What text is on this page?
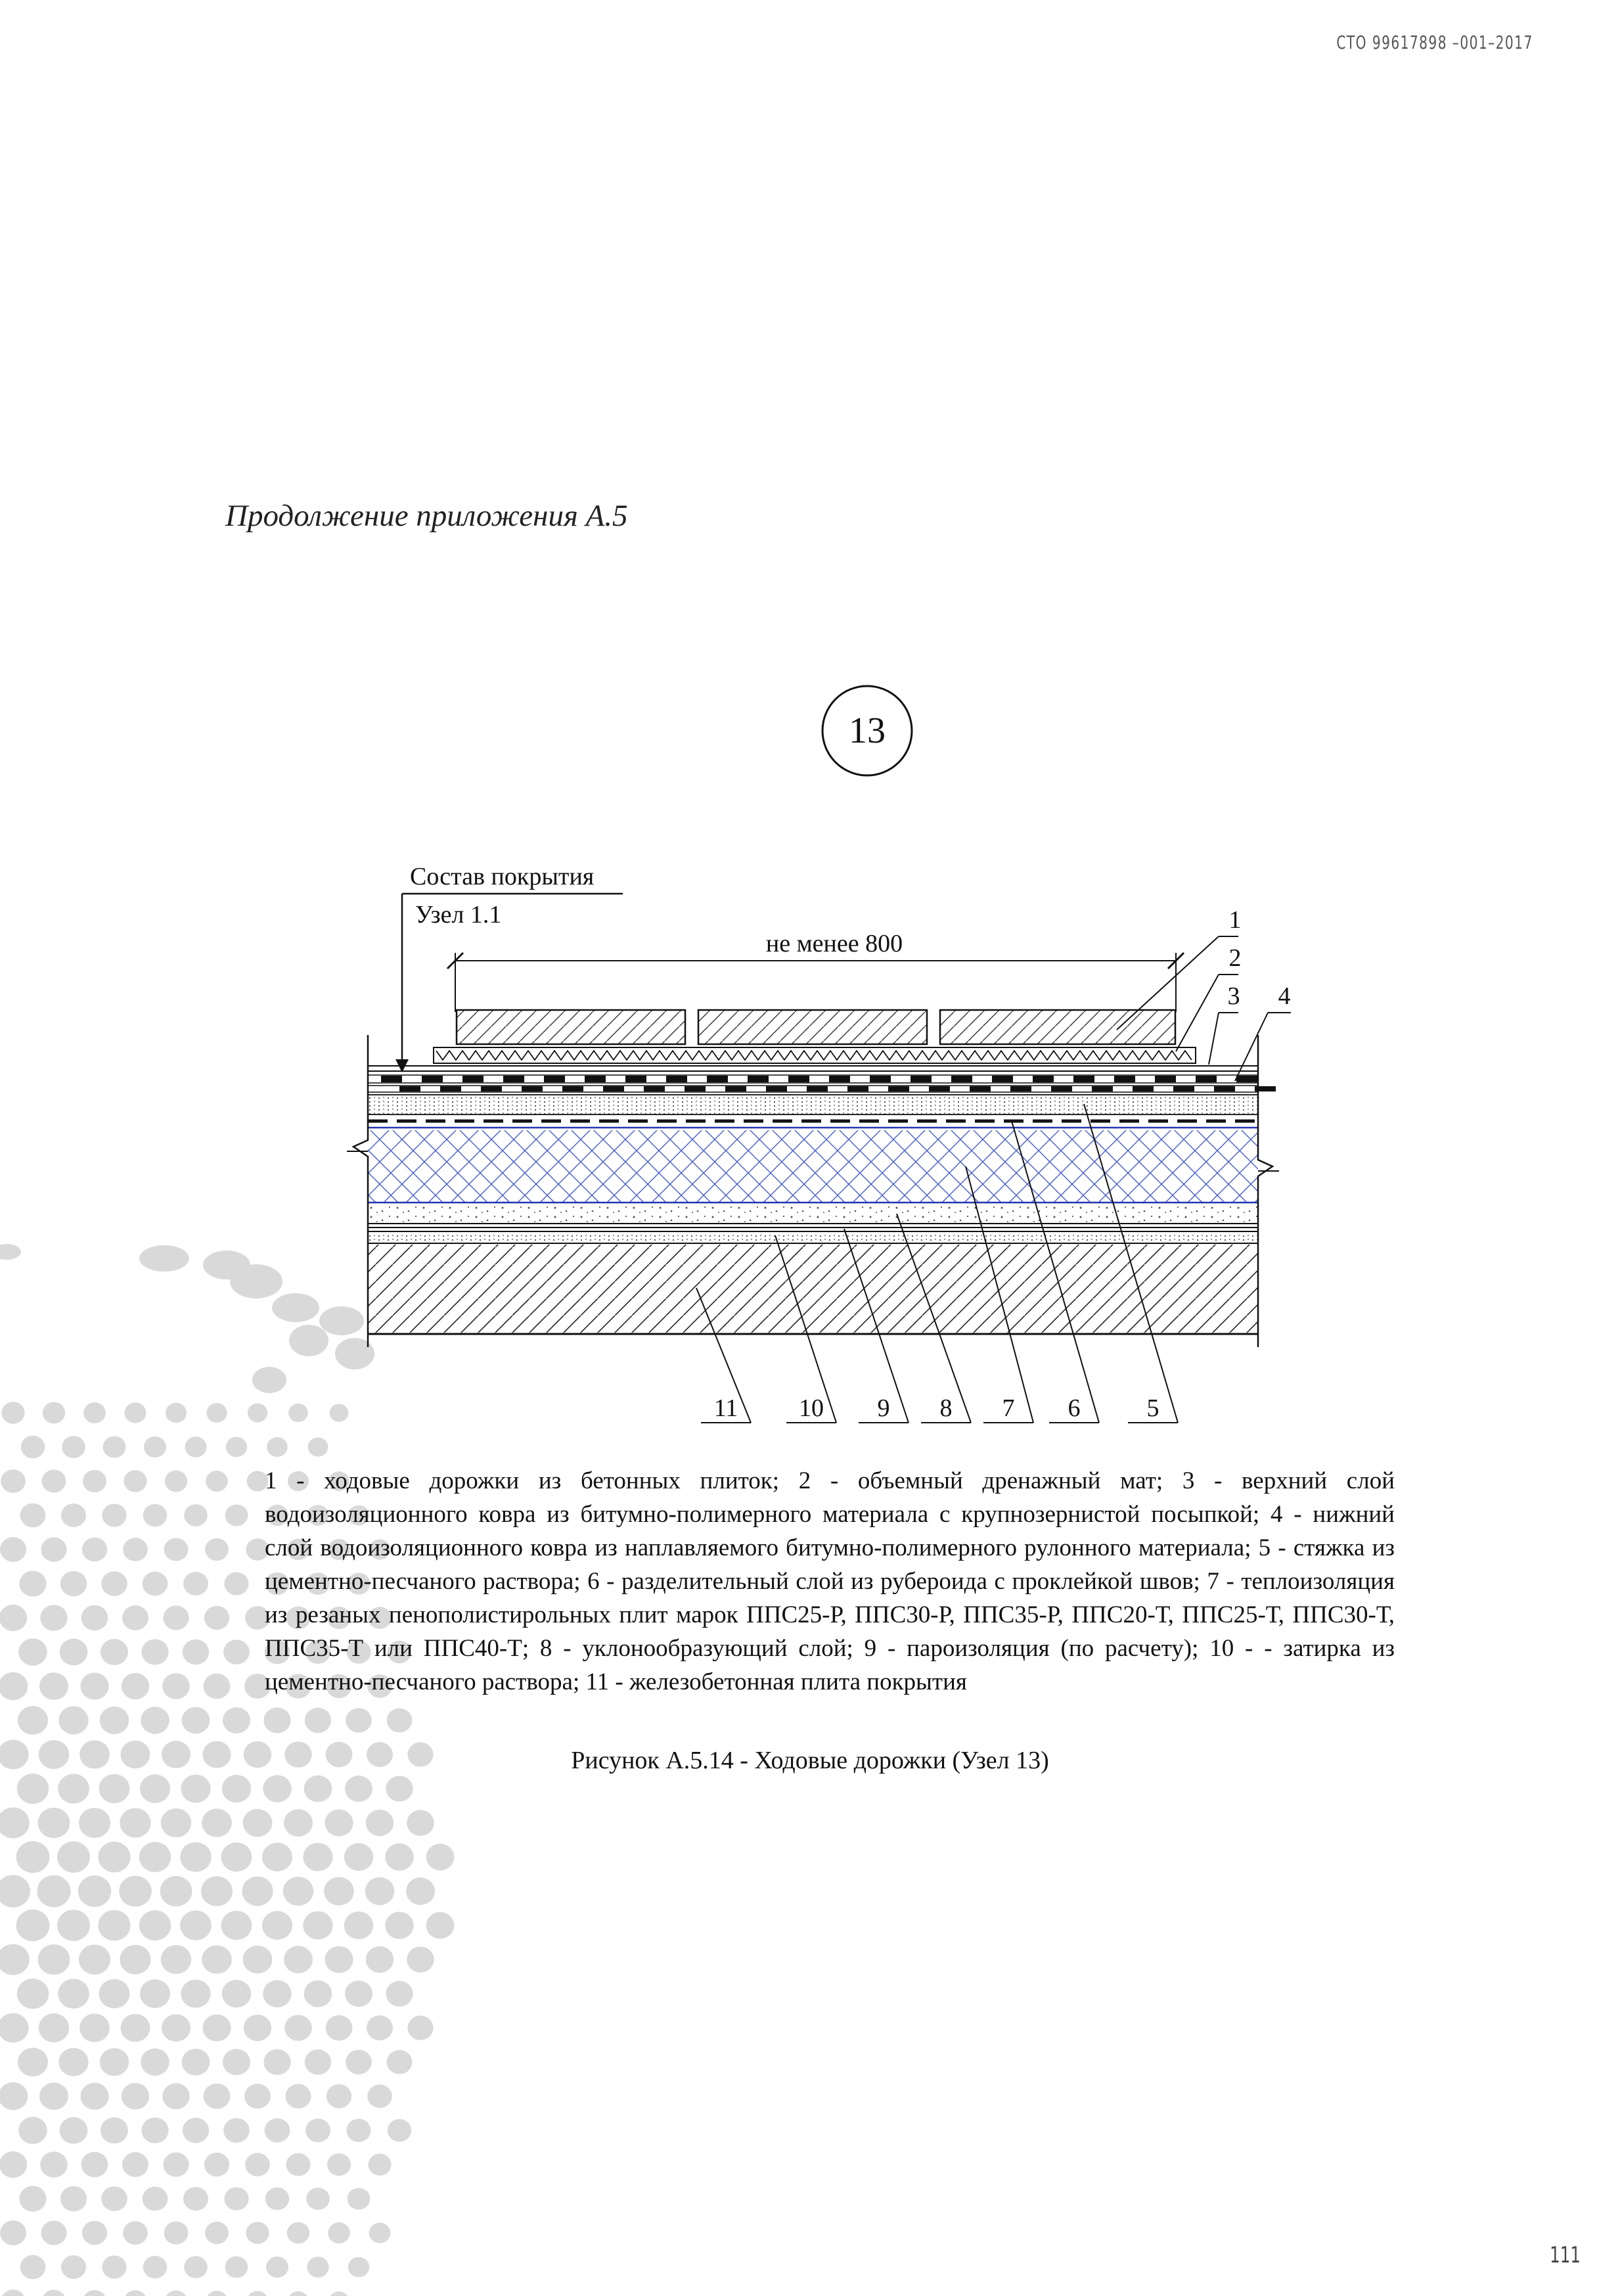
СТО 99617898 –001–2017
Продолжение приложения А.5
13
Состав покрытия
Узел 1.1
не менее 800
1
2
3 4
11 10 9 8 7 6	5
1 - ходовые дорожки из бетонных плиток; 2 - объемный дренажный мат; 3 - верхний слой водоизоляционного ковра из битумно-полимерного материала с крупнозернистой посыпкой; 4 - нижний слой водоизоляционного ковра из наплавляемого битумно-полимерного рулонного материала; 5 - стяжка из цементно-песчаного раствора; 6 - разделительный слой из рубероида с проклейкой швов; 7 - теплоизоляция из резаных пенополистирольных плит марок ППС25-Р, ППС30-Р, ППС35-Р, ППС20-Т, ППС25-Т, ППС30-Т, ППС35-Т или ППС40-Т; 8 - уклонообразующий слой; 9 - пароизоляция (по расчету); 10 - - затирка из цементно-песчаного раствора; 11 - железобетонная плита покрытия
Рисунок А.5.14 - Ходовые дорожки (Узел 13)
111
